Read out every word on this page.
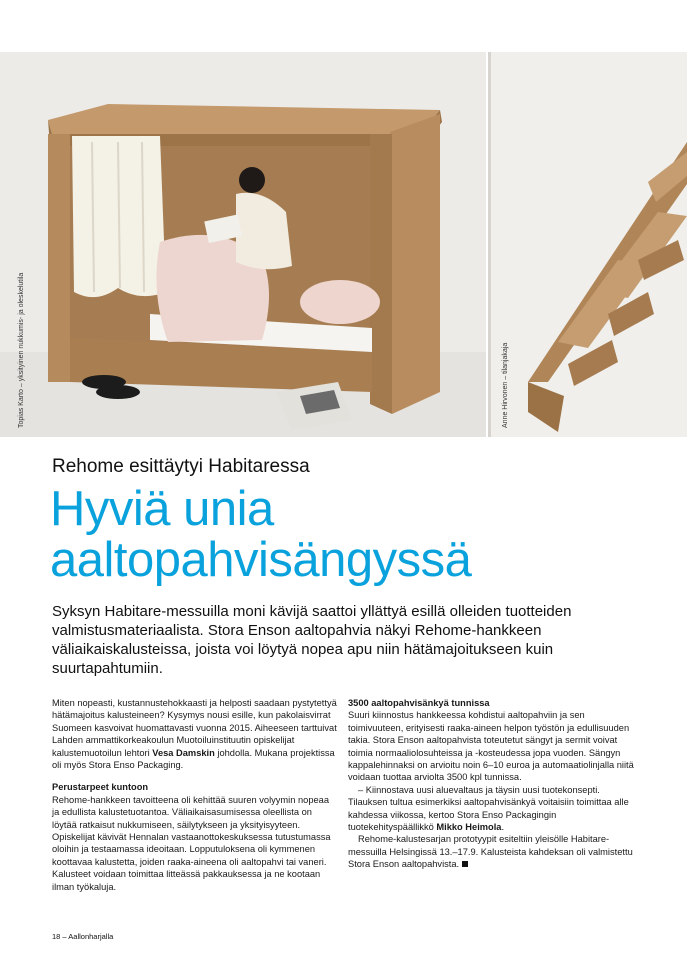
Topias Karto – yksityinen nukkumis- ja oleskelutila	Anne Hirvonen – tilanjakaja
Rehome esittäytyi Habitaressa
Hyviä unia
aaltopahvisängyssä
Syksyn Habitare-messuilla moni kävijä saattoi yllättyä esillä olleiden tuotteiden valmistusmateriaalista. Stora Enson aaltopahvia näkyi Rehome-hankkeen väliaikaiskalusteissa, joista voi löytyä nopea apu niin hätämajoitukseen kuin suurtapahtumiin.

Miten nopeasti, kustannustehokkaasti ja helposti saadaan pystytettyä hätämajoitus kalusteineen? Kysymys nousi esille, kun pakolaisvirrat Suomeen kasvoivat huomattavasti vuonna 2015. Aiheeseen tarttuivat Lahden ammattikorkeakoulun Muotoiluinstituutin opiskelijat kalustemuotoilun lehtori Vesa Damskin johdolla. Mukana projektissa oli myös Stora Enso Packaging.

Perustarpeet kuntoon

Rehome-hankkeen tavoitteena oli kehittää suuren volyymin nopeaa ja edullista kalustetuotantoa. Väliaikaisasumisessa oleellista on löytää ratkaisut nukkumiseen, säilytykseen ja yksityisyyteen. Opiskelijat kävivät Hennalan vastaanottokeskuksessa tutustumassa oloihin ja testaamassa ideoitaan. Lopputuloksena oli kymmenen koottavaa kalustetta, joiden raaka-aineena oli aaltopahvi tai vaneri. Kalusteet voidaan toimittaa litteässä pakkauksessa ja ne kootaan ilman työkaluja.

3500 aaltopahvisänkyä tunnissa

Suuri kiinnostus hankkeessa kohdistui aaltopahviin ja sen toimivuuteen, erityisesti raaka-aineen helpon työstön ja edullisuuden takia. Stora Enson aaltopahvista toteutetut sängyt ja sermit voivat toimia normaaliolosuhteissa ja -kosteudessa jopa vuoden. Sängyn kappalehinnaksi on arvioitu noin 6–10 euroa ja automaatiolinjalla niitä voidaan tuottaa arviolta 3500 kpl tunnissa.

– Kiinnostava uusi aluevaltaus ja täysin uusi tuotekonsepti. Tilauksen tultua esimerkiksi aaltopahvisänkyä voitaisiin toimittaa alle kahdessa viikossa, kertoo Stora Enso Packagingin tuotekehityspäällikkö Mikko Heimola.

Rehome-kalustesarjan prototyypit esiteltiin yleisölle Habitare-messuilla Helsingissä 13.–17.9. Kalusteista kahdeksan oli valmistettu Stora Enson aaltopahvista.

18 – Aallonharjalla
